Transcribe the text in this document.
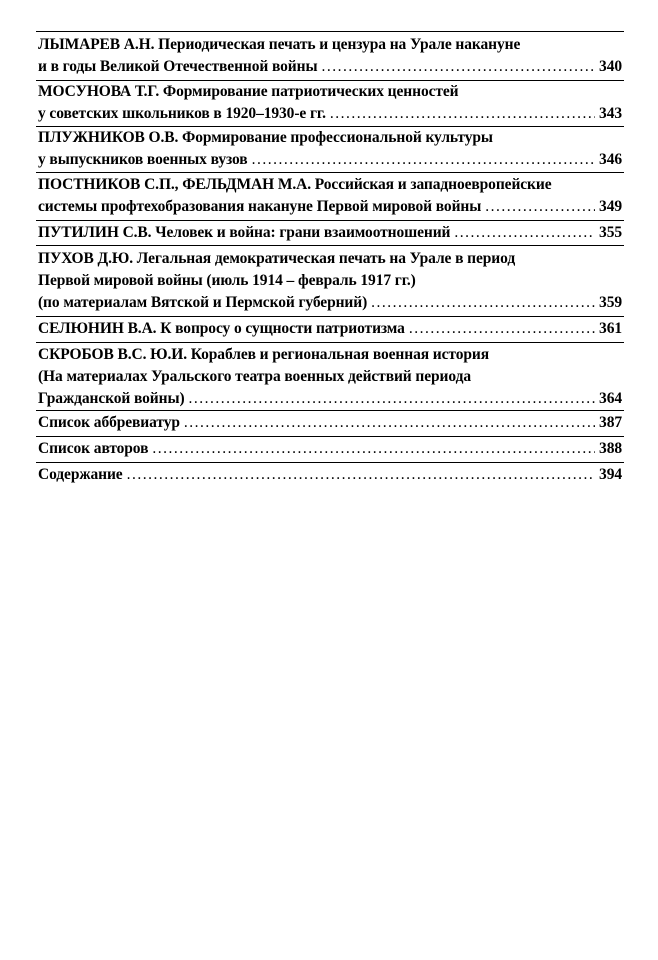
ЛЫМАРЕВ А.Н. Периодическая печать и цензура на Урале накануне
и в годы Великой Отечественной войны .....	340
МОСУНОВА Т.Г. Формирование патриотических ценностей
у советских школьников в 1920–1930-е гг. .....	343
ПЛУЖНИКОВ О.В. Формирование профессиональной культуры
у выпускников военных вузов .....	346
ПОСТНИКОВ С.П., ФЕЛЬДМАН М.А. Российская и западноевропейские
системы профтехобразования накануне Первой мировой войны .....	349
ПУТИЛИН С.В. Человек и война: грани взаимоотношений .....	355
ПУХОВ Д.Ю. Легальная демократическая печать на Урале в период
Первой мировой войны (июль 1914 – февраль 1917 гг.)
(по материалам Вятской и Пермской губерний) .....	359
СЕЛЮНИН В.А. К вопросу о сущности патриотизма .....	361
СКРОБОВ В.С. Ю.И. Кораблев и региональная военная история
(На материалах Уральского театра военных действий периода
Гражданской войны) .....	364
Список аббревиатур .....	387
Список авторов .....	388
Содержание .....	394
